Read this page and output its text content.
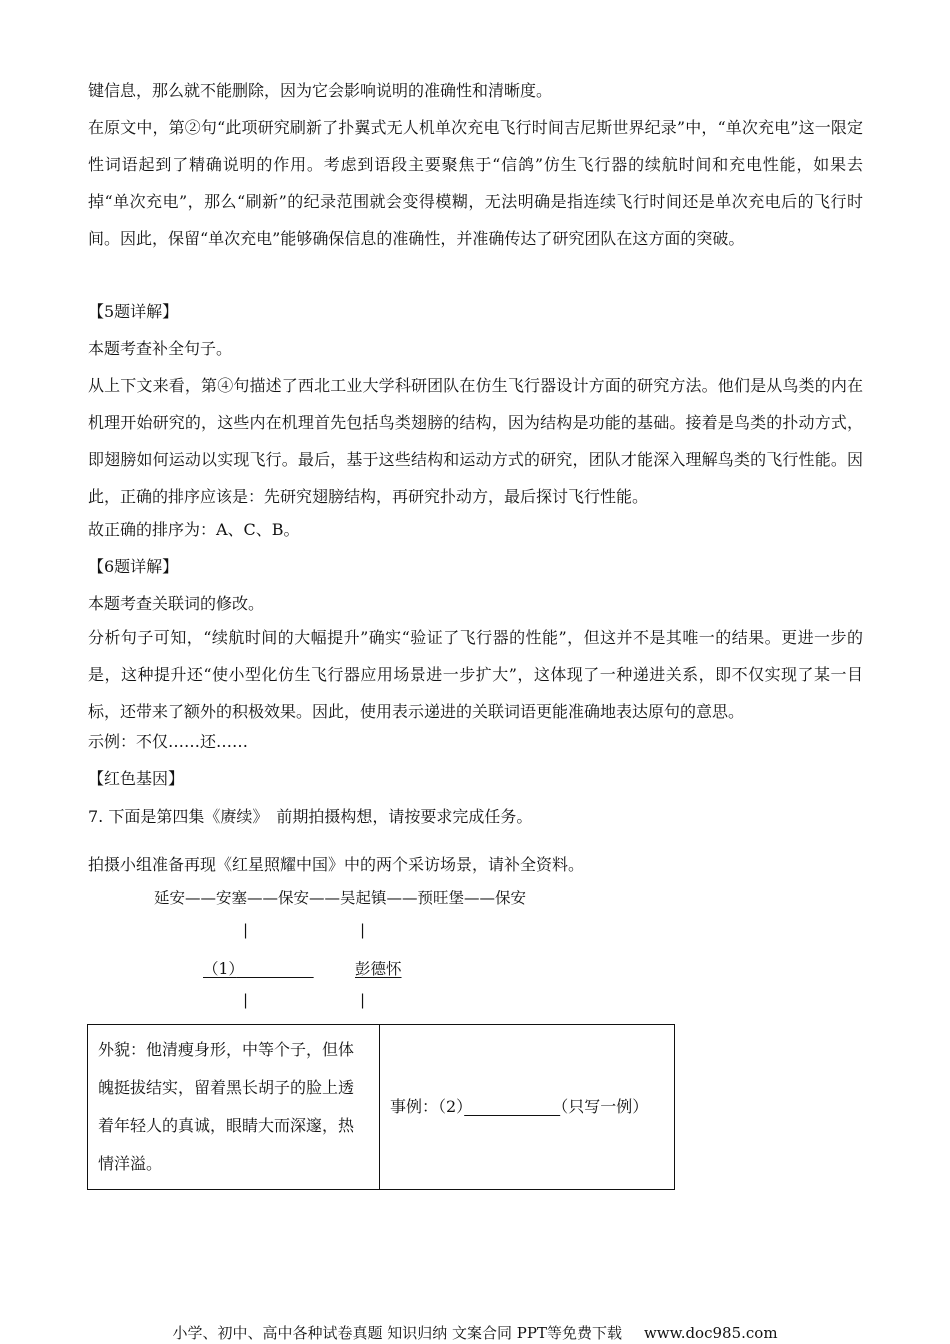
键信息，那么就不能删除，因为它会影响说明的准确性和清晰度。

在原文中，第②句“此项研究刷新了扑翼式无人机单次充电飞行时间吉尼斯世界纪录”中，“单次充电”这一限定性词语起到了精确说明的作用。考虑到语段主要聚焦于“信鸽”仿生飞行器的续航时间和充电性能，如果去掉“单次充电”，那么“刷新”的纪录范围就会变得模糊，无法明确是指连续飞行时间还是单次充电后的飞行时间。因此，保留“单次充电”能够确保信息的准确性，并准确传达了研究团队在这方面的突破。

【5题详解】

本题考查补全句子。

从上下文来看，第④句描述了西北工业大学科研团队在仿生飞行器设计方面的研究方法。他们是从鸟类的内在机理开始研究的，这些内在机理首先包括鸟类翅膀的结构，因为结构是功能的基础。接着是鸟类的扑动方式，即翅膀如何运动以实现飞行。最后，基于这些结构和运动方式的研究，团队才能深入理解鸟类的飞行性能。因此，正确的排序应该是：先研究翅膀结构，再研究扑动方，最后探讨飞行性能。

故正确的排序为：A、C、B。

【6题详解】

本题考查关联词的修改。

分析句子可知，“续航时间的大幅提升”确实“验证了飞行器的性能”，但这并不是其唯一的结果。更进一步的是，这种提升还“使小型化仿生飞行器应用场景进一步扩大”，这体现了一种递进关系，即不仅实现了某一目标，还带来了额外的积极效果。因此，使用表示递进的关联词语更能准确地表达原句的意思。

示例：不仅……还……

【红色基因】

7. 下面是第四集《赓续》　前期拍摄构想，请按要求完成任务。
拍摄小组准备再现《红星照耀中国》中的两个采访场景，请补全资料。
延安——安塞——保安——吴起镇——预旺堡——保安
|	|
（1）　　　　　	彭德怀
|	|
外貌：他清瘦身形，中等个子，但体魄挺拔结实，留着黑长胡子的脸上透着年轻人的真诚，眼睛大而深邃，热情洋溢。	事例：（2）　　　　　　	（只写一例）
小学、初中、高中各种试卷真题 知识归纳 文案合同 PPT等免费下载 www.doc985.com
